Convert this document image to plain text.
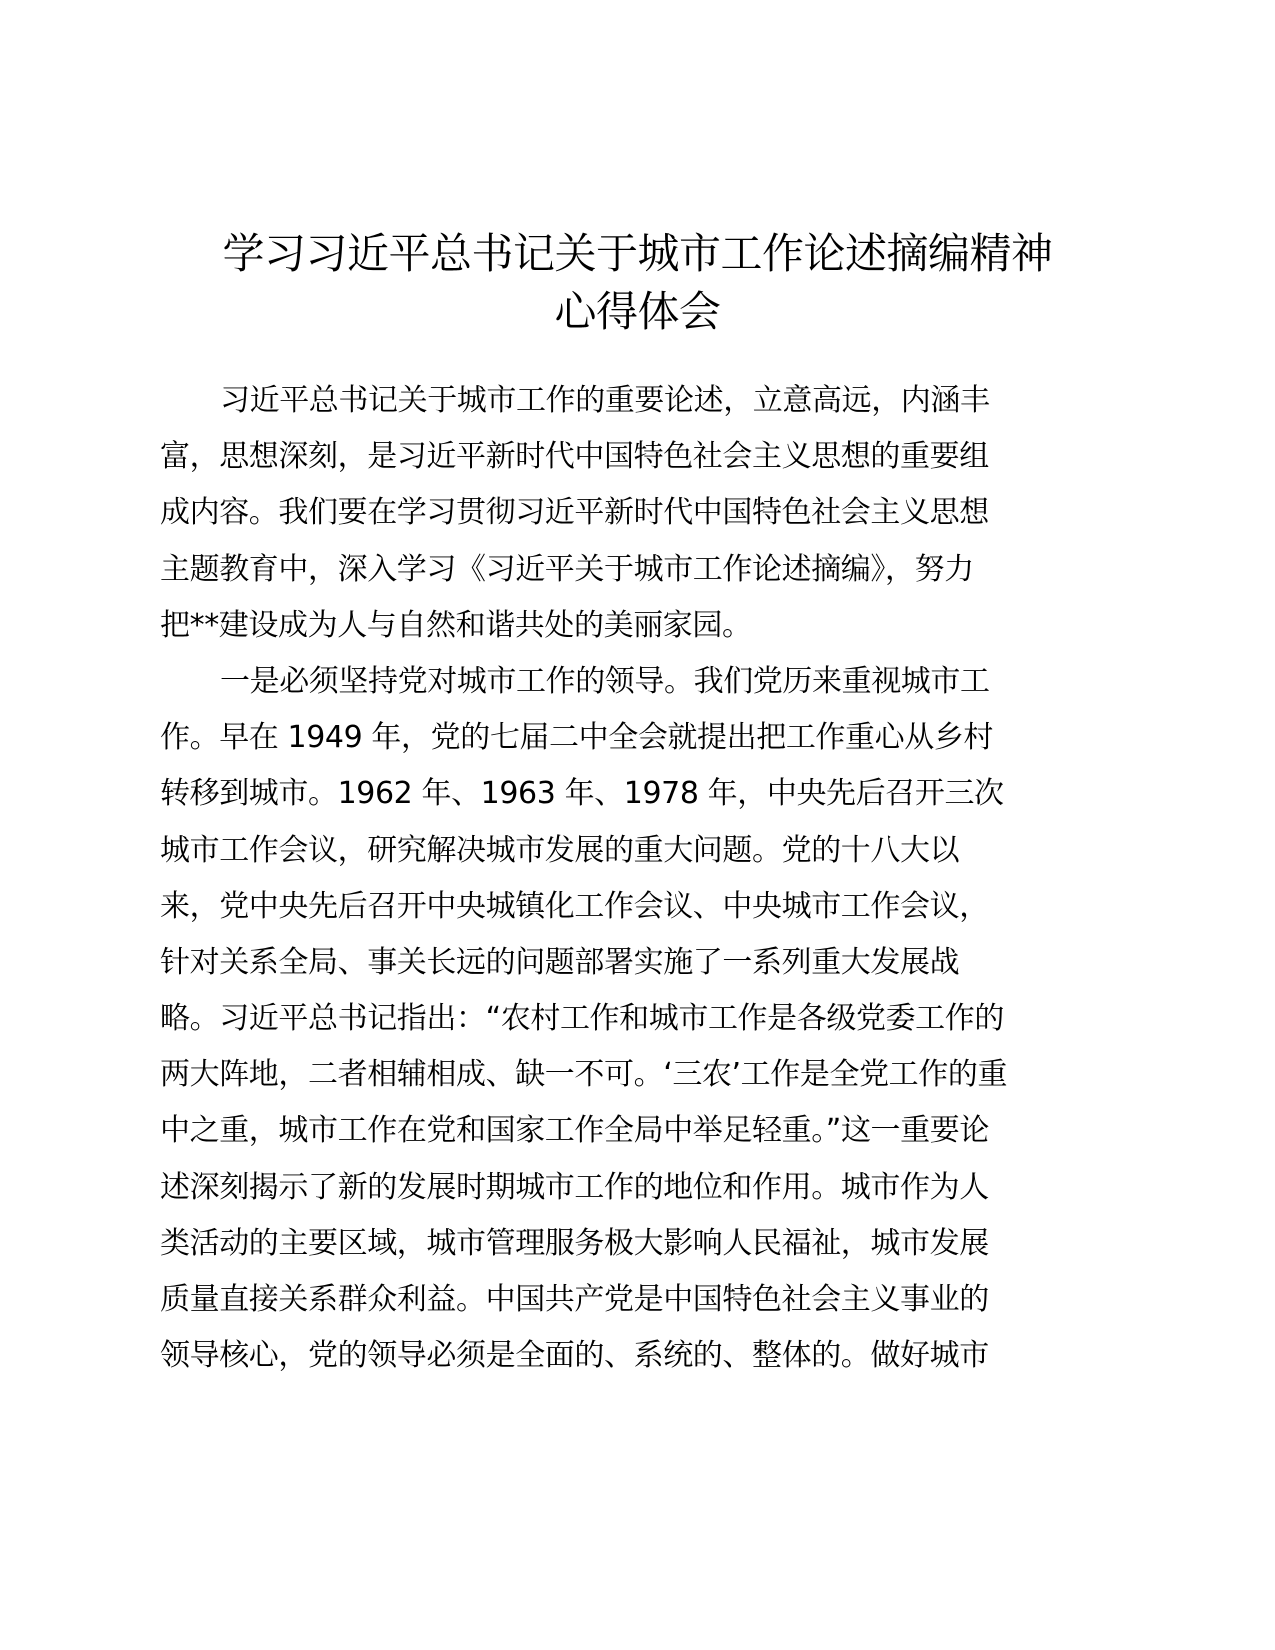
学习习近平总书记关于城市工作论述摘编精神
心得体会
习近平总书记关于城市工作的重要论述，立意高远，内涵丰
富，思想深刻，是习近平新时代中国特色社会主义思想的重要组
成内容。我们要在学习贯彻习近平新时代中国特色社会主义思想
主题教育中，深入学习《习近平关于城市工作论述摘编》，努力
把**建设成为人与自然和谐共处的美丽家园。
一是必须坚持党对城市工作的领导。我们党历来重视城市工
作。早在 1949 年，党的七届二中全会就提出把工作重心从乡村
转移到城市。1962 年、1963 年、1978 年，中央先后召开三次
城市工作会议，研究解决城市发展的重大问题。党的十八大以
来，党中央先后召开中央城镇化工作会议、中央城市工作会议，
针对关系全局、事关长远的问题部署实施了一系列重大发展战
略。习近平总书记指出：“农村工作和城市工作是各级党委工作的
两大阵地，二者相辅相成、缺一不可。‘三农’工作是全党工作的重
中之重，城市工作在党和国家工作全局中举足轻重。”这一重要论
述深刻揭示了新的发展时期城市工作的地位和作用。城市作为人
类活动的主要区域，城市管理服务极大影响人民福祉，城市发展
质量直接关系群众利益。中国共产党是中国特色社会主义事业的
领导核心，党的领导必须是全面的、系统的、整体的。做好城市
